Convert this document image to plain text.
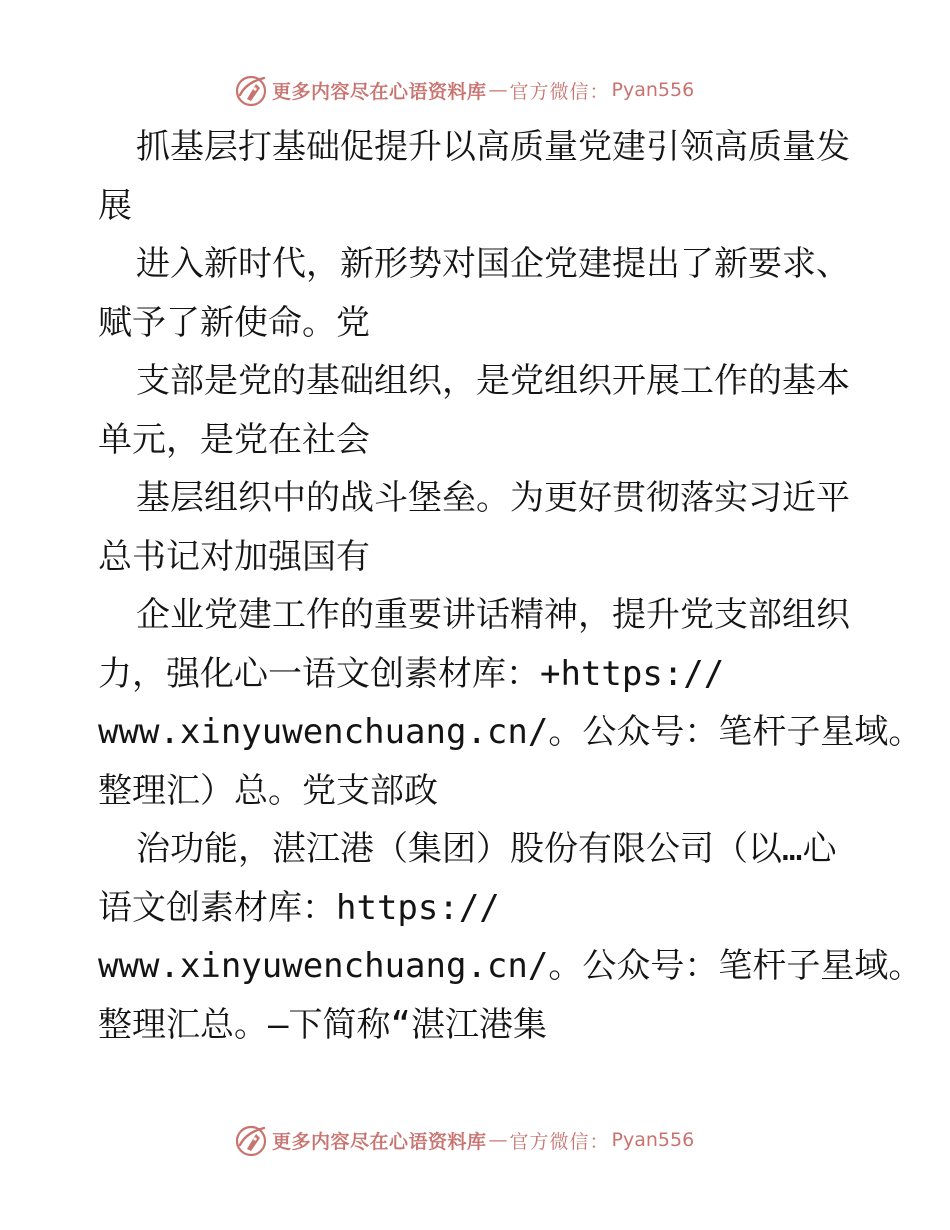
更多内容尽在心语资料库 — 官方微信： Pyan556
抓基层打基础促提升以高质量党建引领高质量发
展
进入新时代，新形势对国企党建提出了新要求、
赋予了新使命。党
支部是党的基础组织，是党组织开展工作的基本
单元，是党在社会
基层组织中的战斗堡垒。为更好贯彻落实习近平
总书记对加强国有
企业党建工作的重要讲话精神，提升党支部组织
力，强化心一语文创素材库：+https://
www.xinyuwenchuang.cn/。公众号：笔杆子星域。
整理汇）总。党支部政
治功能，湛江港（集团）股份有限公司（以…心
语文创素材库：https://
www.xinyuwenchuang.cn/。公众号：笔杆子星域。
整理汇总。—下简称“湛江港集
更多内容尽在心语资料库 — 官方微信： Pyan556
